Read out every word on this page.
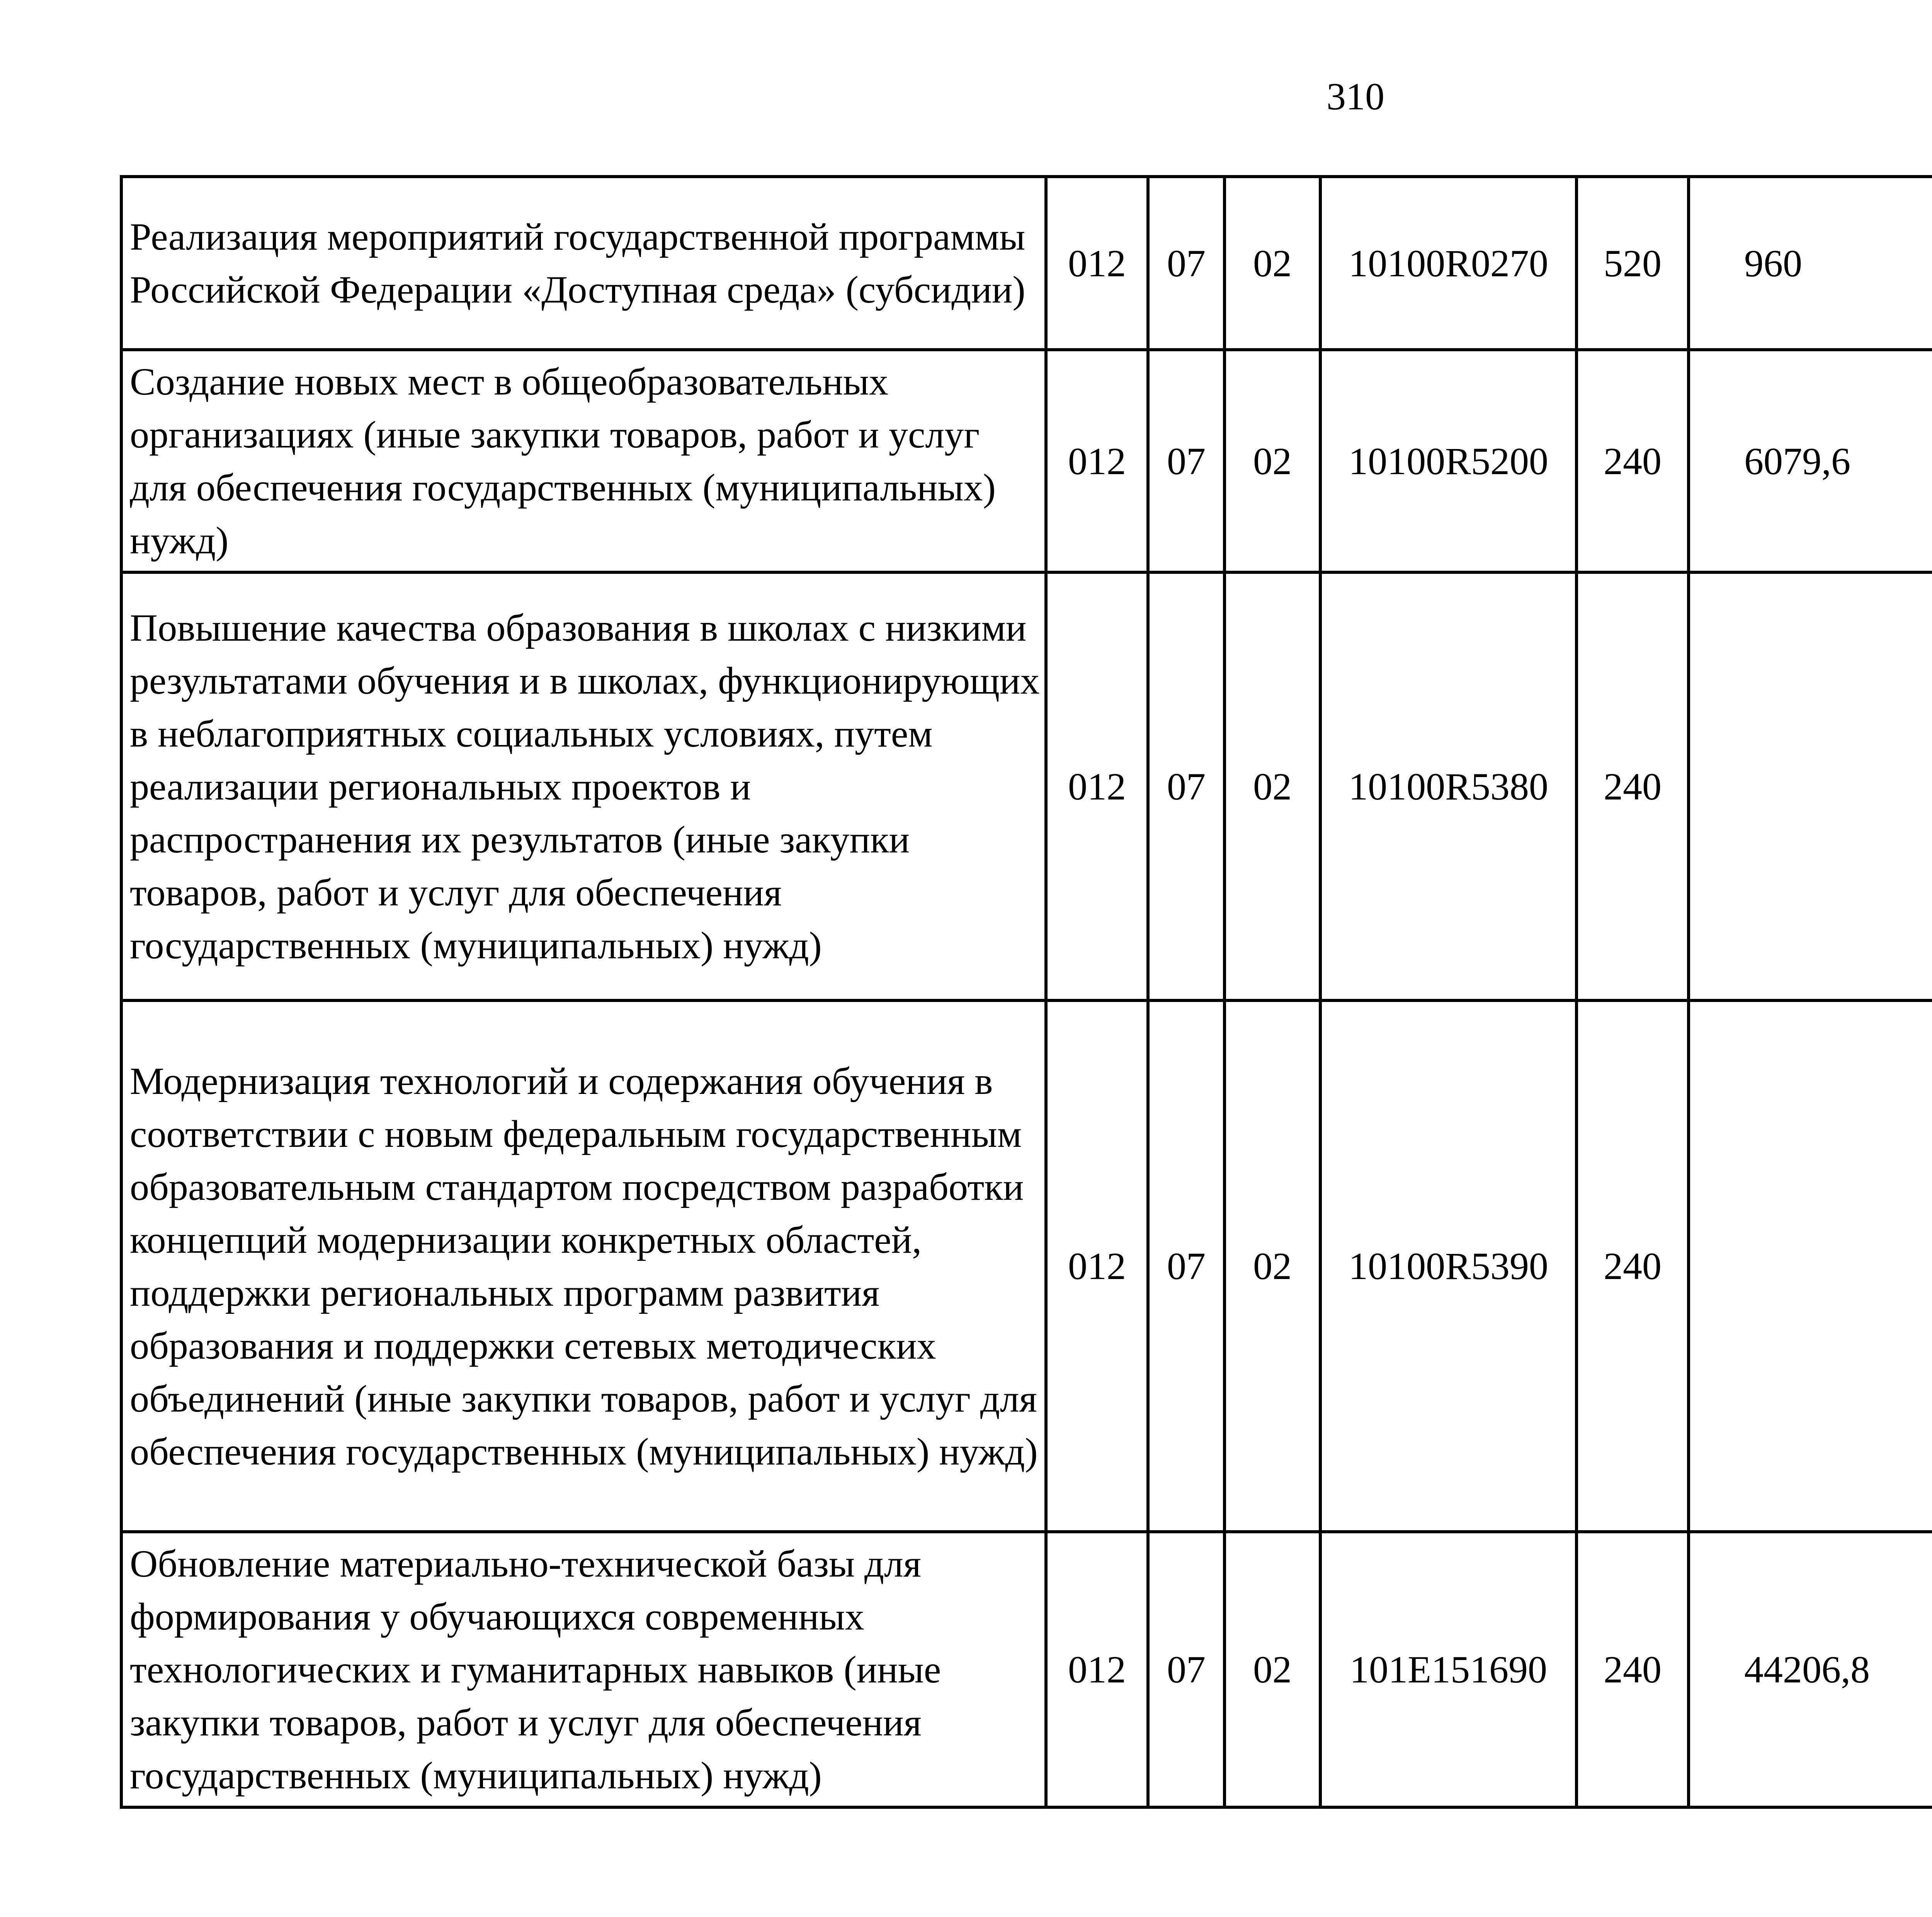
310
Реализация мероприятий государственной программы Российской Федерации «Доступная среда» (субсидии)	012	07	02	10100R0270	520	960		
Создание новых мест в общеобразовательных организациях (иные закупки товаров, работ и услуг для обеспечения государственных (муниципальных) нужд)	012	07	02	10100R5200	240	6079,6		
Повышение качества образования в школах с низкими результатами обучения и в школах, функционирующих в неблагоприятных социальных условиях, путем реализации региональных проектов и распространения их результатов (иные закупки товаров, работ и услуг для обеспечения государственных (муниципальных) нужд)	012	07	02	10100R5380	240			
Модернизация технологий и содержания обучения в соответствии с новым федеральным государственным образовательным стандартом посредством разработки концепций модернизации конкретных областей, поддержки региональных программ развития образования и поддержки сетевых методических объединений (иные закупки товаров, работ и услуг для обеспечения государственных (муниципальных) нужд)	012	07	02	10100R5390	240			
Обновление материально-технической базы для формирования у обучающихся современных технологических и гуманитарных навыков (иные закупки товаров, работ и услуг для обеспечения государственных (муниципальных) нужд)	012	07	02	101E151690	240	44206,8		
